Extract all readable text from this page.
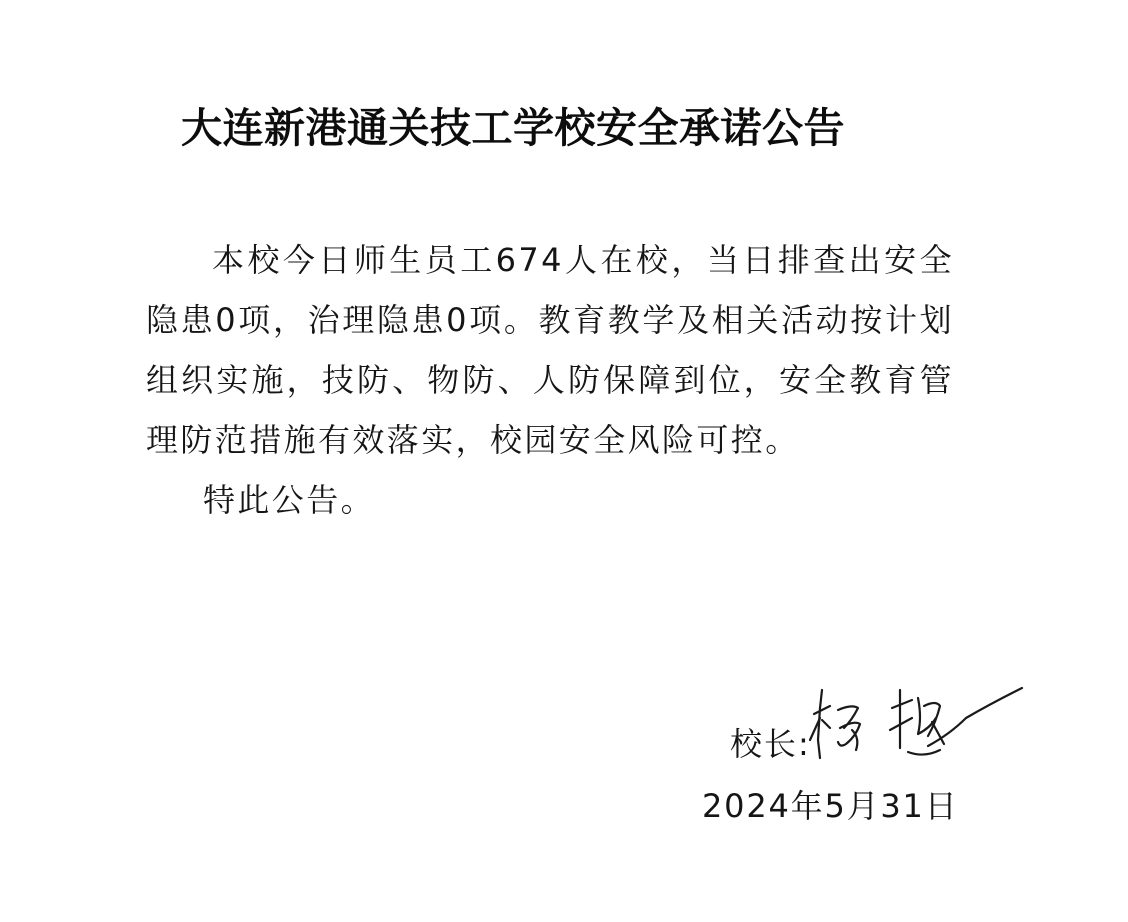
大连新港通关技工学校安全承诺公告
本校今日师生员工674人在校，当日排查出安全隐患0项，治理隐患0项。教育教学及相关活动按计划组织实施，技防、物防、人防保障到位，安全教育管理防范措施有效落实，校园安全风险可控。
特此公告。
校长:
2024年5月31日
